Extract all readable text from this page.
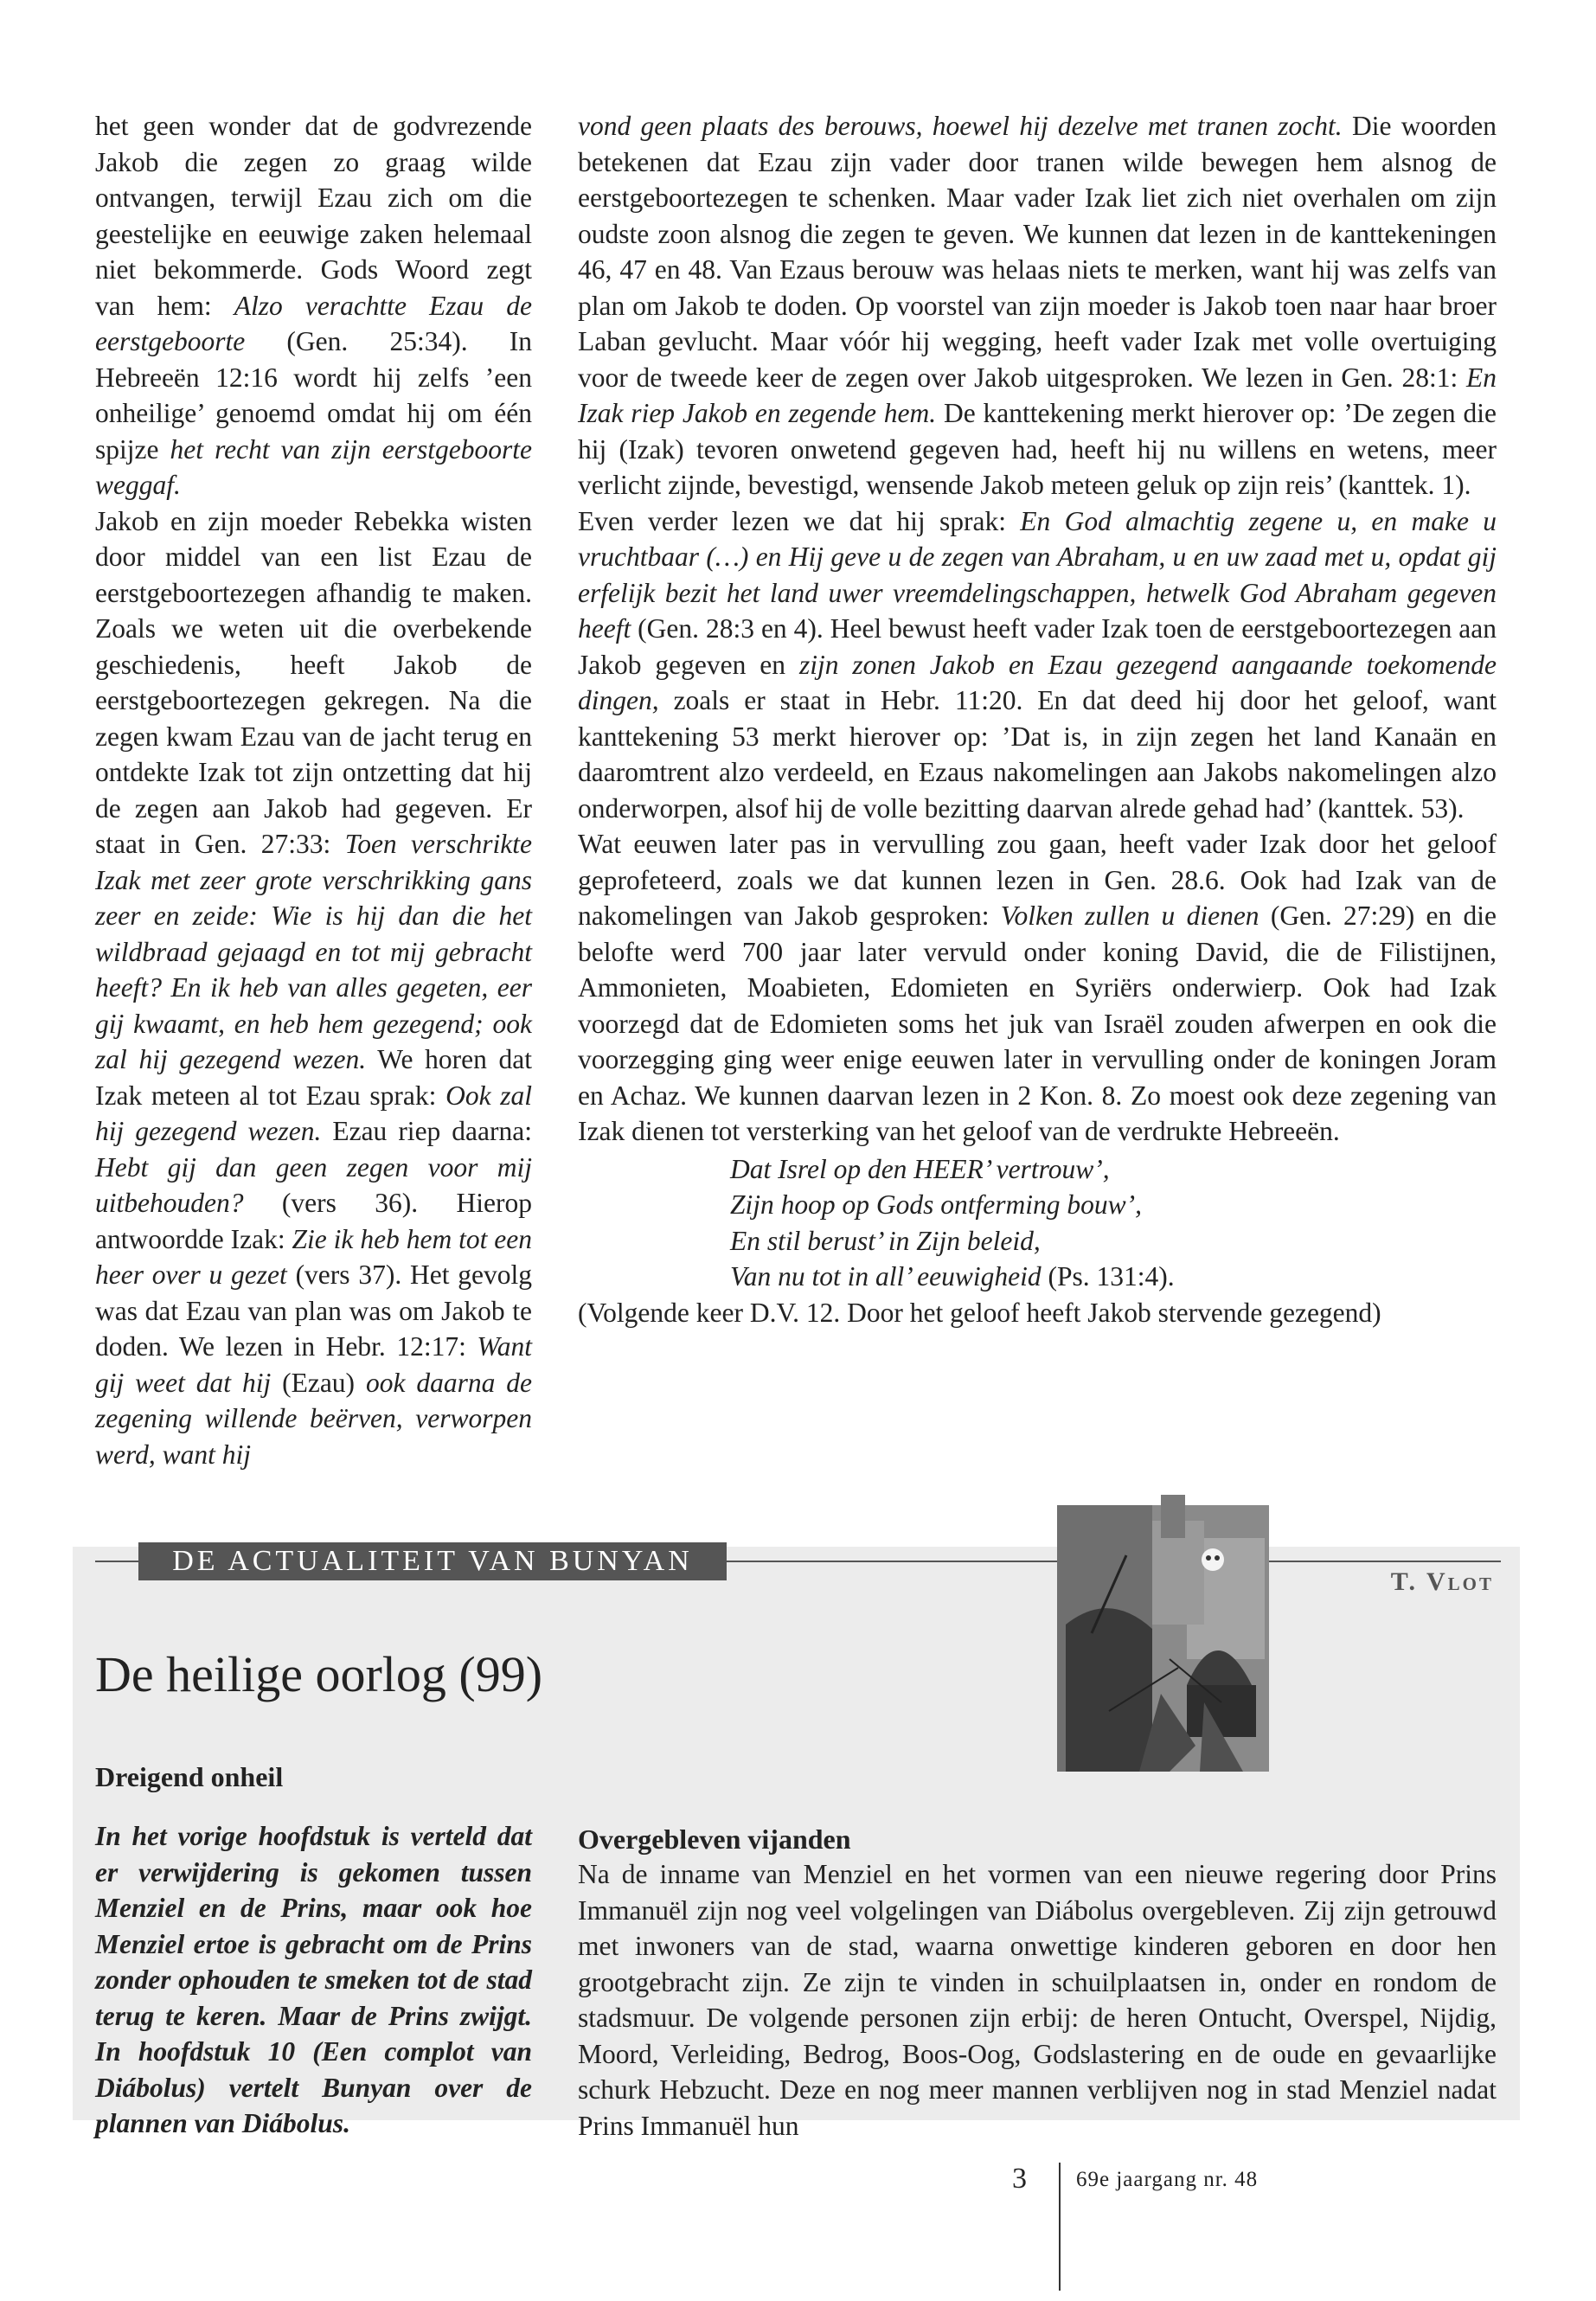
het geen wonder dat de godvrezende Jakob die zegen zo graag wilde ontvangen, terwijl Ezau zich om die geestelijke en eeuwige zaken helemaal niet bekommerde. Gods Woord zegt van hem: Alzo verachtte Ezau de eerstgeboorte (Gen. 25:34). In Hebreeën 12:16 wordt hij zelfs ’een onheilige’ genoemd omdat hij om één spijze het recht van zijn eerstgeboorte weggaf.

Jakob en zijn moeder Rebekka wisten door middel van een list Ezau de eerstgeboortezegen afhandig te maken. Zoals we weten uit die overbekende geschiedenis, heeft Jakob de eerstgeboortezegen gekregen. Na die zegen kwam Ezau van de jacht terug en ontdekte Izak tot zijn ontzetting dat hij de zegen aan Jakob had gegeven. Er staat in Gen. 27:33: Toen verschrikte Izak met zeer grote verschrikking gans zeer en zeide: Wie is hij dan die het wildbraad gejaagd en tot mij gebracht heeft? En ik heb van alles gegeten, eer gij kwaamt, en heb hem gezegend; ook zal hij gezegend wezen. We horen dat Izak meteen al tot Ezau sprak: Ook zal hij gezegend wezen. Ezau riep daarna: Hebt gij dan geen zegen voor mij uitbehouden? (vers 36). Hierop antwoordde Izak: Zie ik heb hem tot een heer over u gezet (vers 37). Het gevolg was dat Ezau van plan was om Jakob te doden. We lezen in Hebr. 12:17: Want gij weet dat hij (Ezau) ook daarna de zegening willende beërven, verworpen werd, want hij

vond geen plaats des berouws, hoewel hij dezelve met tranen zocht. Die woorden betekenen dat Ezau zijn vader door tranen wilde bewegen hem alsnog de eerstgeboortezegen te schenken. Maar vader Izak liet zich niet overhalen om zijn oudste zoon alsnog die zegen te geven. We kunnen dat lezen in de kanttekeningen 46, 47 en 48. Van Ezaus berouw was helaas niets te merken, want hij was zelfs van plan om Jakob te doden. Op voorstel van zijn moeder is Jakob toen naar haar broer Laban gevlucht. Maar vóór hij wegging, heeft vader Izak met volle overtuiging voor de tweede keer de zegen over Jakob uitgesproken. We lezen in Gen. 28:1: En Izak riep Jakob en zegende hem. De kanttekening merkt hierover op: ’De zegen die hij (Izak) tevoren onwetend gegeven had, heeft hij nu willens en wetens, meer verlicht zijnde, bevestigd, wensende Jakob meteen geluk op zijn reis’ (kanttek. 1).

Even verder lezen we dat hij sprak: En God almachtig zegene u, en make u vruchtbaar (…) en Hij geve u de zegen van Abraham, u en uw zaad met u, opdat gij erfelijk bezit het land uwer vreemdelingschappen, hetwelk God Abraham gegeven heeft (Gen. 28:3 en 4). Heel bewust heeft vader Izak toen de eerstgeboortezegen aan Jakob gegeven en zijn zonen Jakob en Ezau gezegend aangaande toekomende dingen, zoals er staat in Hebr. 11:20. En dat deed hij door het geloof, want kanttekening 53 merkt hierover op: ’Dat is, in zijn zegen het land Kanaän en daaromtrent alzo verdeeld, en Ezaus nakomelingen aan Jakobs nakomelingen alzo onderworpen, alsof hij de volle bezitting daarvan alrede gehad had’ (kanttek. 53).

Wat eeuwen later pas in vervulling zou gaan, heeft vader Izak door het geloof geprofeteerd, zoals we dat kunnen lezen in Gen. 28.6. Ook had Izak van de nakomelingen van Jakob gesproken: Volken zullen u dienen (Gen. 27:29) en die belofte werd 700 jaar later vervuld onder koning David, die de Filistijnen, Ammonieten, Moabieten, Edomieten en Syriërs onderwierp. Ook had Izak voorzegd dat de Edomieten soms het juk van Israël zouden afwerpen en ook die voorzegging ging weer enige eeuwen later in vervulling onder de koningen Joram en Achaz. We kunnen daarvan lezen in 2 Kon. 8. Zo moest ook deze zegening van Izak dienen tot versterking van het geloof van de verdrukte Hebreeën.

Dat Isrel op den HEER’ vertrouw’,
Zijn hoop op Gods ontferming bouw’,
En stil berust’ in Zijn beleid,
Van nu tot in all’ eeuwigheid (Ps. 131:4).

(Volgende keer D.V. 12. Door het geloof heeft Jakob stervende gezegend)

DE ACTUALITEIT VAN BUNYAN
T. Vlot
De heilige oorlog (99)
Dreigend onheil

In het vorige hoofdstuk is verteld dat er verwijdering is gekomen tussen Menziel en de Prins, maar ook hoe Menziel ertoe is gebracht om de Prins zonder ophouden te smeken tot de stad terug te keren. Maar de Prins zwijgt. In hoofdstuk 10 (Een complot van Diábolus) vertelt Bunyan over de plannen van Diábolus.

Overgebleven vijanden

Na de inname van Menziel en het vormen van een nieuwe regering door Prins Immanuël zijn nog veel volgelingen van Diábolus overgebleven. Zij zijn getrouwd met inwoners van de stad, waarna onwettige kinderen geboren en door hen grootgebracht zijn. Ze zijn te vinden in schuilplaatsen in, onder en rondom de stadsmuur. De volgende personen zijn erbij: de heren Ontucht, Overspel, Nijdig, Moord, Verleiding, Bedrog, Boos-Oog, Godslastering en de oude en gevaarlijke schurk Hebzucht. Deze en nog meer mannen verblijven nog in stad Menziel nadat Prins Immanuël hun

3 69e jaargang nr. 48
